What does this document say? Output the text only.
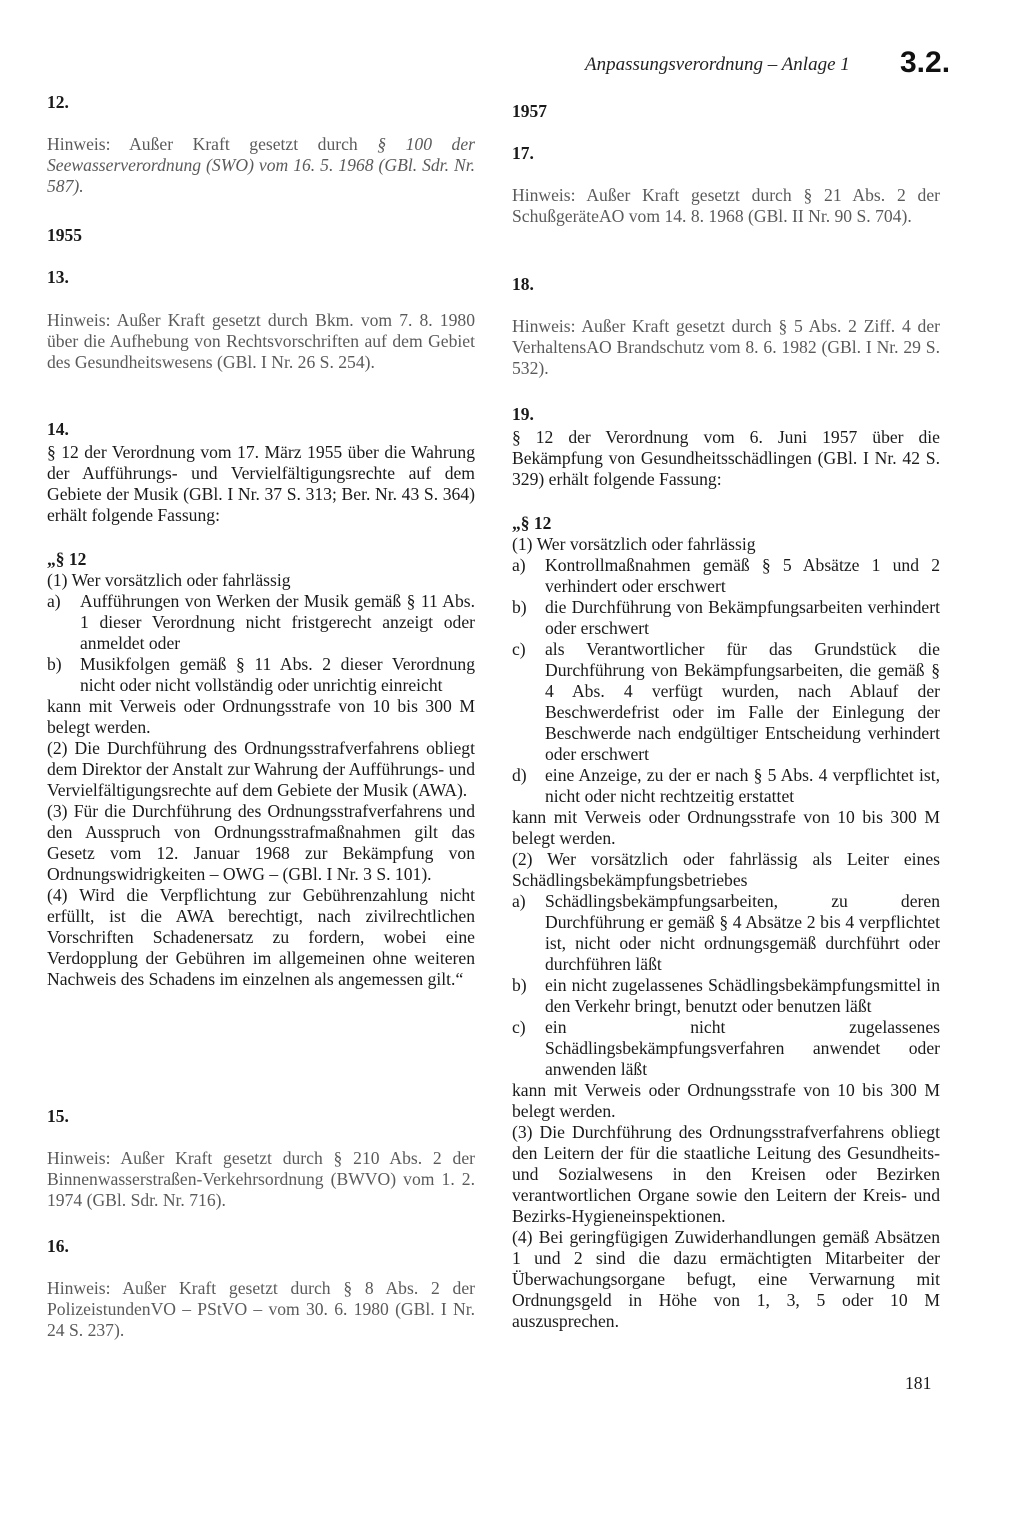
Anpassungsverordnung – Anlage 1 3.2.
12.
Hinweis: Außer Kraft gesetzt durch § 100 der Seewasserverordnung (SWO) vom 16. 5. 1968 (GBl. Sdr. Nr. 587).
1955
13.
Hinweis: Außer Kraft gesetzt durch Bkm. vom 7. 8. 1980 über die Aufhebung von Rechtsvorschriften auf dem Gebiet des Gesundheitswesens (GBl. I Nr. 26 S. 254).
14.

§ 12 der Verordnung vom 17. März 1955 über die Wahrung der Aufführungs- und Vervielfältigungsrechte auf dem Gebiete der Musik (GBl. I Nr. 37 S. 313; Ber. Nr. 43 S. 364) erhält folgende Fassung:

„§ 12

(1) Wer vorsätzlich oder fahrlässig

a)	Aufführungen von Werken der Musik gemäß § 11 Abs. 1 dieser Verordnung nicht fristgerecht anzeigt oder anmeldet oder
b)	Musikfolgen gemäß § 11 Abs. 2 dieser Verordnung nicht oder nicht vollständig oder unrichtig einreicht

kann mit Verweis oder Ordnungsstrafe von 10 bis 300 M belegt werden.

(2) Die Durchführung des Ordnungsstrafverfahrens obliegt dem Direktor der Anstalt zur Wahrung der Aufführungs- und Vervielfältigungsrechte auf dem Gebiete der Musik (AWA).

(3) Für die Durchführung des Ordnungsstrafverfahrens und den Ausspruch von Ordnungsstrafmaßnahmen gilt das Gesetz vom 12. Januar 1968 zur Bekämpfung von Ordnungswidrigkeiten – OWG – (GBl. I Nr. 3 S. 101).

(4) Wird die Verpflichtung zur Gebührenzahlung nicht erfüllt, ist die AWA berechtigt, nach zivilrechtlichen Vorschriften Schadenersatz zu fordern, wobei eine Verdopplung der Gebühren im allgemeinen ohne weiteren Nachweis des Schadens im einzelnen als angemessen gilt.“

15.
Hinweis: Außer Kraft gesetzt durch § 210 Abs. 2 der Binnenwasserstraßen-Verkehrsordnung (BWVO) vom 1. 2. 1974 (GBl. Sdr. Nr. 716).
16.
Hinweis: Außer Kraft gesetzt durch § 8 Abs. 2 der PolizeistundenVO – PStVO – vom 30. 6. 1980 (GBl. I Nr. 24 S. 237).
1957
17.
Hinweis: Außer Kraft gesetzt durch § 21 Abs. 2 der SchußgeräteAO vom 14. 8. 1968 (GBl. II Nr. 90 S. 704).
18.
Hinweis: Außer Kraft gesetzt durch § 5 Abs. 2 Ziff. 4 der VerhaltensAO Brandschutz vom 8. 6. 1982 (GBl. I Nr. 29 S. 532).
19.

§ 12 der Verordnung vom 6. Juni 1957 über die Bekämpfung von Gesundheitsschädlingen (GBl. I Nr. 42 S. 329) erhält folgende Fassung:

„§ 12

(1) Wer vorsätzlich oder fahrlässig

a)	Kontrollmaßnahmen gemäß § 5 Absätze 1 und 2 verhindert oder erschwert
b)	die Durchführung von Bekämpfungsarbeiten verhindert oder erschwert
c)	als Verantwortlicher für das Grundstück die Durchführung von Bekämpfungsarbeiten, die gemäß § 4 Abs. 4 verfügt wurden, nach Ablauf der Beschwerdefrist oder im Falle der Einlegung der Beschwerde nach endgültiger Entscheidung verhindert oder erschwert
d)	eine Anzeige, zu der er nach § 5 Abs. 4 verpflichtet ist, nicht oder nicht rechtzeitig erstattet

kann mit Verweis oder Ordnungsstrafe von 10 bis 300 M belegt werden.

(2) Wer vorsätzlich oder fahrlässig als Leiter eines Schädlingsbekämpfungsbetriebes

a)	Schädlingsbekämpfungsarbeiten, zu deren Durchführung er gemäß § 4 Absätze 2 bis 4 verpflichtet ist, nicht oder nicht ordnungsgemäß durchführt oder durchführen läßt
b)	ein nicht zugelassenes Schädlingsbekämpfungsmittel in den Verkehr bringt, benutzt oder benutzen läßt
c)	ein nicht zugelassenes Schädlingsbekämpfungsverfahren anwendet oder anwenden läßt

kann mit Verweis oder Ordnungsstrafe von 10 bis 300 M belegt werden.

(3) Die Durchführung des Ordnungsstrafverfahrens obliegt den Leitern der für die staatliche Leitung des Gesundheits- und Sozialwesens in den Kreisen oder Bezirken verantwortlichen Organe sowie den Leitern der Kreis- und Bezirks-Hygieneinspektionen.

(4) Bei geringfügigen Zuwiderhandlungen gemäß Absätzen 1 und 2 sind die dazu ermächtigten Mitarbeiter der Überwachungsorgane befugt, eine Verwarnung mit Ordnungsgeld in Höhe von 1, 3, 5 oder 10 M auszusprechen.

181
